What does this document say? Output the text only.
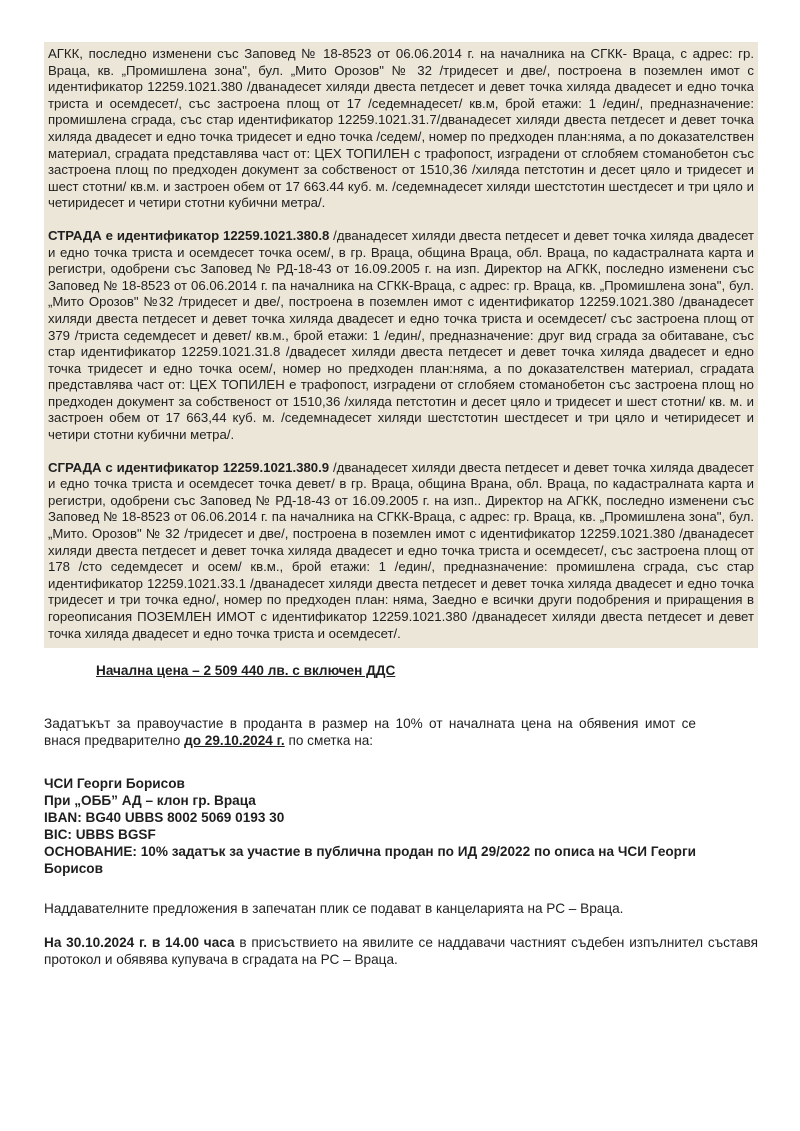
АГКК, последно изменени със Заповед № 18-8523 от 06.06.2014 г. на началника на СГКК- Враца, с адрес: гр. Враца, кв. „Промишлена зона", бул. „Мито Орозов" № 32 /тридесет и две/, построена в поземлен имот с идентификатор 12259.1021.380 /дванадесет хиляди двеста петдесет и девет точка хиляда двадесет и едно точка триста и осемдесет/, със застроена площ от 17 /седемнадесет/ кв.м, брой етажи: 1 /един/, предназначение: промишлена сграда, със стар идентификатор 12259.1021.31.7/дванадесет хиляди двеста петдесет и девет точка хиляда двадесет и едно точка тридесет и едно точка /седем/, номер по предходен план:няма, а по доказателствен материал, сградата представлява част от: ЦЕХ ТОПИЛЕН с трафопост, изградени от сглобяем стоманобетон със застроена площ по предходен документ за собственост от 1510,36 /хиляда петстотин и десет цяло и тридесет и шест стотни/ кв.м. и застроен обем от 17 663.44 куб. м. /седемнадесет хиляди шестстотин шестдесет и три цяло и четиридесет и четири стотни кубични метра/.

СТРАДА е идентификатор 12259.1021.380.8 /дванадесет хиляди двеста петдесет и девет точка хиляда двадесет и едно точка триста и осемдесет точка осем/, в гр. Враца, община Враца, обл. Враца, по кадастралната карта и регистри, одобрени със Заповед № РД-18-43 от 16.09.2005 г. на изп. Директор на АГКК, последно изменени със Заповед № 18-8523 от 06.06.2014 г. па началника на СГКК-Враца, с адрес: гр. Враца, кв. „Промишлена зона", бул. „Мито Орозов" №32 /тридесет и две/, построена в поземлен имот с идентификатор 12259.1021.380 /дванадесет хиляди двеста петдесет и девет точка хиляда двадесет и едно точка триста и осемдесет/ със застроена площ от 379 /триста седемдесет и девет/ кв.м., брой етажи: 1 /един/, предназначение: друг вид сграда за обитаване, със стар идентификатор 12259.1021.31.8 /двадесет хиляди двеста петдесет и девет точка хиляда двадесет и едно точка тридесет и едно точка осем/, номер но предходен план:няма, а по доказателствен материал, сградата представлява част от: ЦЕХ ТОПИЛЕН е трафопост, изградени от сглобяем стоманобетон със застроена площ но предходен документ за собственост от 1510,36 /хиляда петстотин и десет цяло и тридесет и шест стотни/ кв. м. и застроен обем от 17 663,44 куб. м. /седемнадесет хиляди шестстотин шестдесет и три цяло и четиридесет и четири стотни кубични метра/.

СГРАДА с идентификатор 12259.1021.380.9 /дванадесет хиляди двеста петдесет и девет точка хиляда двадесет и едно точка триста и осемдесет точка девет/ в гр. Враца, община Врана, обл. Враца, по кадастралната карта и регистри, одобрени със Заповед № РД-18-43 от 16.09.2005 г. на изп.. Директор на АГКК, последно изменени със Заповед № 18-8523 от 06.06.2014 г. па началника на СГКК-Враца, с адрес: гр. Враца, кв. „Промишлена зона", бул. „Мито. Орозов" № 32 /тридесет и две/, построена в поземлен имот с идентификатор 12259.1021.380 /дванадесет хиляди двеста петдесет и девет точка хиляда двадесет и едно точка триста и осемдесет/, със застроена площ от 178 /сто седемдесет и осем/ кв.м., брой етажи: 1 /един/, предназначение: промишлена сграда, със стар идентификатор 12259.1021.33.1 /дванадесет хиляди двеста петдесет и девет точка хиляда двадесет и едно точка тридесет и три точка едно/, номер по предходен план: няма, Заедно е всички други подобрения и приращения в гореописания ПОЗЕМЛЕН ИМОТ с идентификатор 12259.1021.380 /дванадесет хиляди двеста петдесет и девет точка хиляда двадесет и едно точка триста и осемдесет/.

Начална цена – 2 509 440 лв. с включен ДДС

Задатъкът за правоучастие в проданта в размер на 10% от началната цена на обявения имот се внася предварително до 29.10.2024 г. по сметка на:

ЧСИ Георги Борисов

При „ОББ” АД – клон гр. Враца

IBAN: BG40 UBBS 8002 5069 0193 30

BIC: UBBS BGSF

ОСНОВАНИЕ: 10% задатък за участие в публична продан по ИД 29/2022 по описа на ЧСИ Георги Борисов

Наддавателните предложения в запечатан плик се подават в канцеларията на РС – Враца.

На 30.10.2024 г. в 14.00 часа в присъствието на явилите се наддавачи частният съдебен изпълнител съставя протокол и обявява купувача в сградата на РС – Враца.
